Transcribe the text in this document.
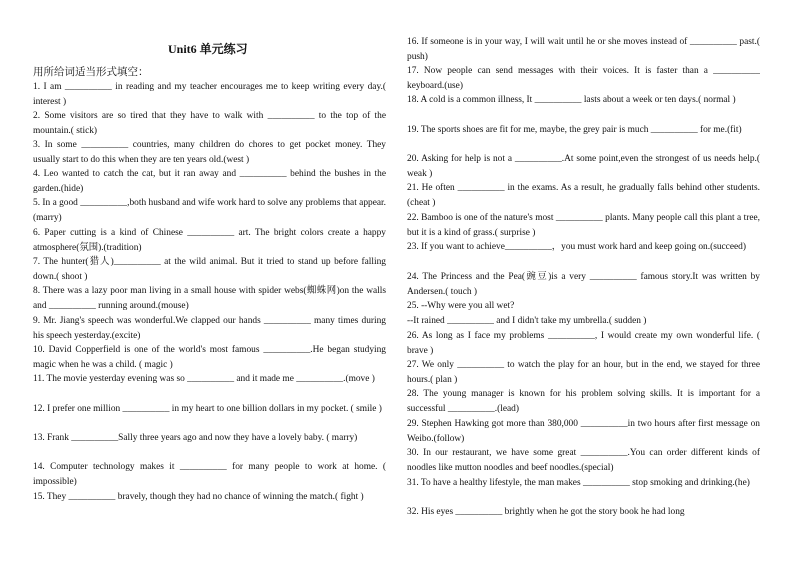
Unit6 单元练习
用所给词适当形式填空：
1. I am __________ in reading and my teacher encourages me to keep writing every day.( interest )
2. Some visitors are so tired that they have to walk with __________ to the top of the mountain.( stick)
3. In some __________ countries, many children do chores to get pocket money. They usually start to do this when they are ten years old.(west )
4. Leo wanted to catch the cat, but it ran away and __________ behind the bushes in the garden.(hide)
5. In a good __________,both husband and wife work hard to solve any problems that appear.(marry)
6. Paper cutting is a kind of Chinese __________ art. The bright colors create a happy atmosphere(氛围).(tradition)
7. The hunter(猎人)__________ at the wild animal. But it tried to stand up before falling down.( shoot )
8. There was a lazy poor man living in a small house with spider webs(蜘蛛网)on the walls and __________ running around.(mouse)
9. Mr. Jiang's speech was wonderful.We clapped our hands __________ many times during his speech yesterday.(excite)
10. David Copperfield is one of the world's most famous __________.He began studying magic when he was a child. ( magic )
11. The movie yesterday evening was so __________ and it made me __________.(move )
12. I prefer one million __________ in my heart to one billion dollars in my pocket. ( smile )
13. Frank __________Sally three years ago and now they have a lovely baby. ( marry)
14. Computer technology makes it __________ for many people to work at home. ( impossible)
15. They __________ bravely, though they had no chance of winning the match.( fight )
16. If someone is in your way, I will wait until he or she moves instead of __________ past.( push)
17. Now people can send messages with their voices. It is faster than a __________ keyboard.(use)
18. A cold is a common illness, It __________ lasts about a week or ten days.( normal )
19. The sports shoes are fit for me, maybe, the grey pair is much __________ for me.(fit)
20. Asking for help is not a __________.At some point,even the strongest of us needs help.( weak )
21. He often __________ in the exams. As a result, he gradually falls behind other students.(cheat )
22. Bamboo is one of the nature's most __________ plants. Many people call this plant a tree, but it is a kind of grass.( surprise )
23. If you want to achieve__________，you must work hard and keep going on.(succeed)
24. The Princess and the Pea(豌豆)is a very __________ famous story.It was written by Andersen.( touch )
25. --Why were you all wet?
--It rained __________ and I didn't take my umbrella.( sudden )
26. As long as I face my problems __________, I would create my own wonderful life. ( brave )
27. We only __________ to watch the play for an hour, but in the end, we stayed for three hours.( plan )
28. The young manager is known for his problem solving skills. It is important for a successful __________.(lead)
29. Stephen Hawking got more than 380,000 __________in two hours after first message on Weibo.(follow)
30. In our restaurant, we have some great __________.You can order different kinds of noodles like mutton noodles and beef noodles.(special)
31. To have a healthy lifestyle, the man makes __________ stop smoking and drinking.(he)
32. His eyes __________ brightly when he got the story book he had long
